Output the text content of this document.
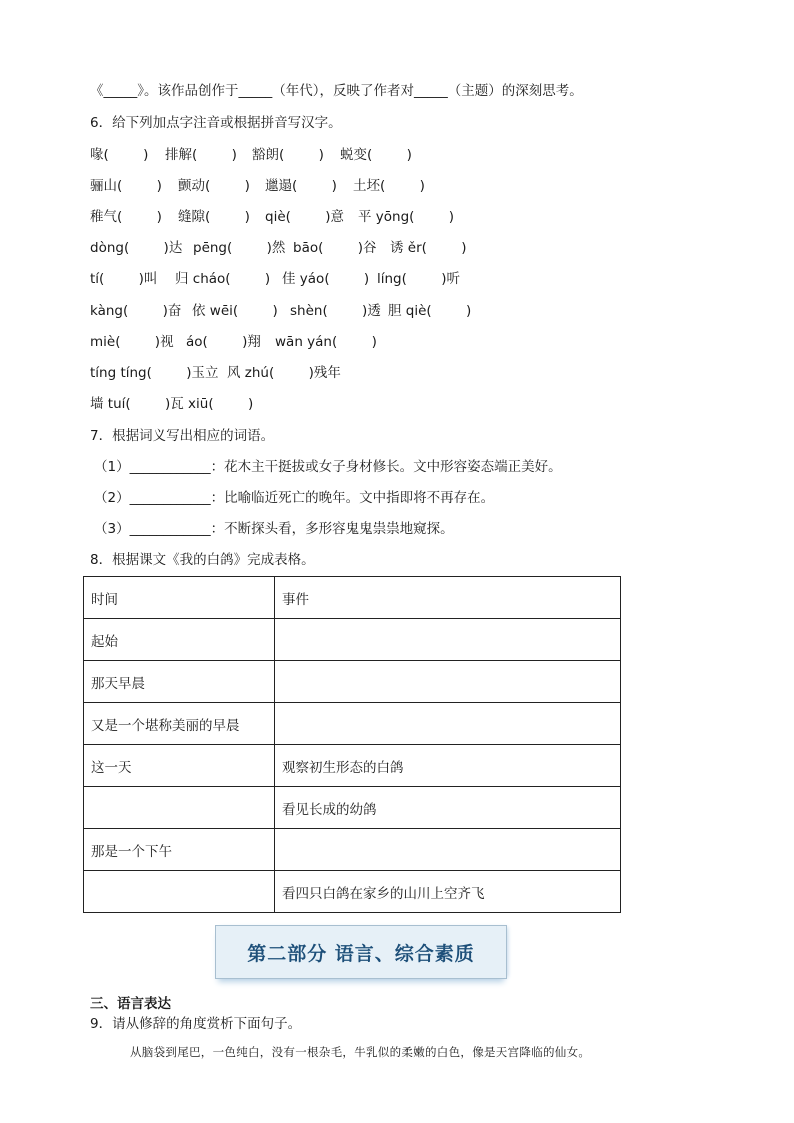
《_____》。该作品创作于_____（年代），反映了作者对_____（主题）的深刻思考。
6．给下列加点字注音或根据拼音写汉字。

喙(        )

排解(        )

豁朗(        )

蜕变(        )

骊山(        )

颤动(        )

邋遢(        )

土坯(        )

稚气(        )

缝隙(        )

qiè(        )意

平 yōng(        )

dòng(        )达

pēng(        )然

bāo(        )谷

诱 ěr(        )

tí(        )叫

归 cháo(        )

佳 yáo(        )

líng(        )听

kàng(        )奋

依 wēi(        )

shèn(        )透

胆 qiè(        )

miè(        )视

áo(        )翔

wān yán(        )

tíng tíng(        )玉立

风 zhú(        )残年

墙 tuí(        )瓦 xiū(        )

7．根据词义写出相应的词语。
（1）____________：花木主干挺拔或女子身材修长。文中形容姿态端正美好。
（2）____________：比喻临近死亡的晚年。文中指即将不再存在。
（3）____________：不断探头看，多形容鬼鬼祟祟地窥探。
8．根据课文《我的白鸽》完成表格。
时间	事件
起始	
那天早晨	
又是一个堪称美丽的早晨	
这一天	观察初生形态的白鸽
	看见长成的幼鸽
那是一个下午	
	看四只白鸽在家乡的山川上空齐飞
第二部分 语言、综合素质
三、语言表达
9．请从修辞的角度赏析下面句子。
从脑袋到尾巴，一色纯白，没有一根杂毛，牛乳似的柔嫩的白色，像是天宫降临的仙女。
